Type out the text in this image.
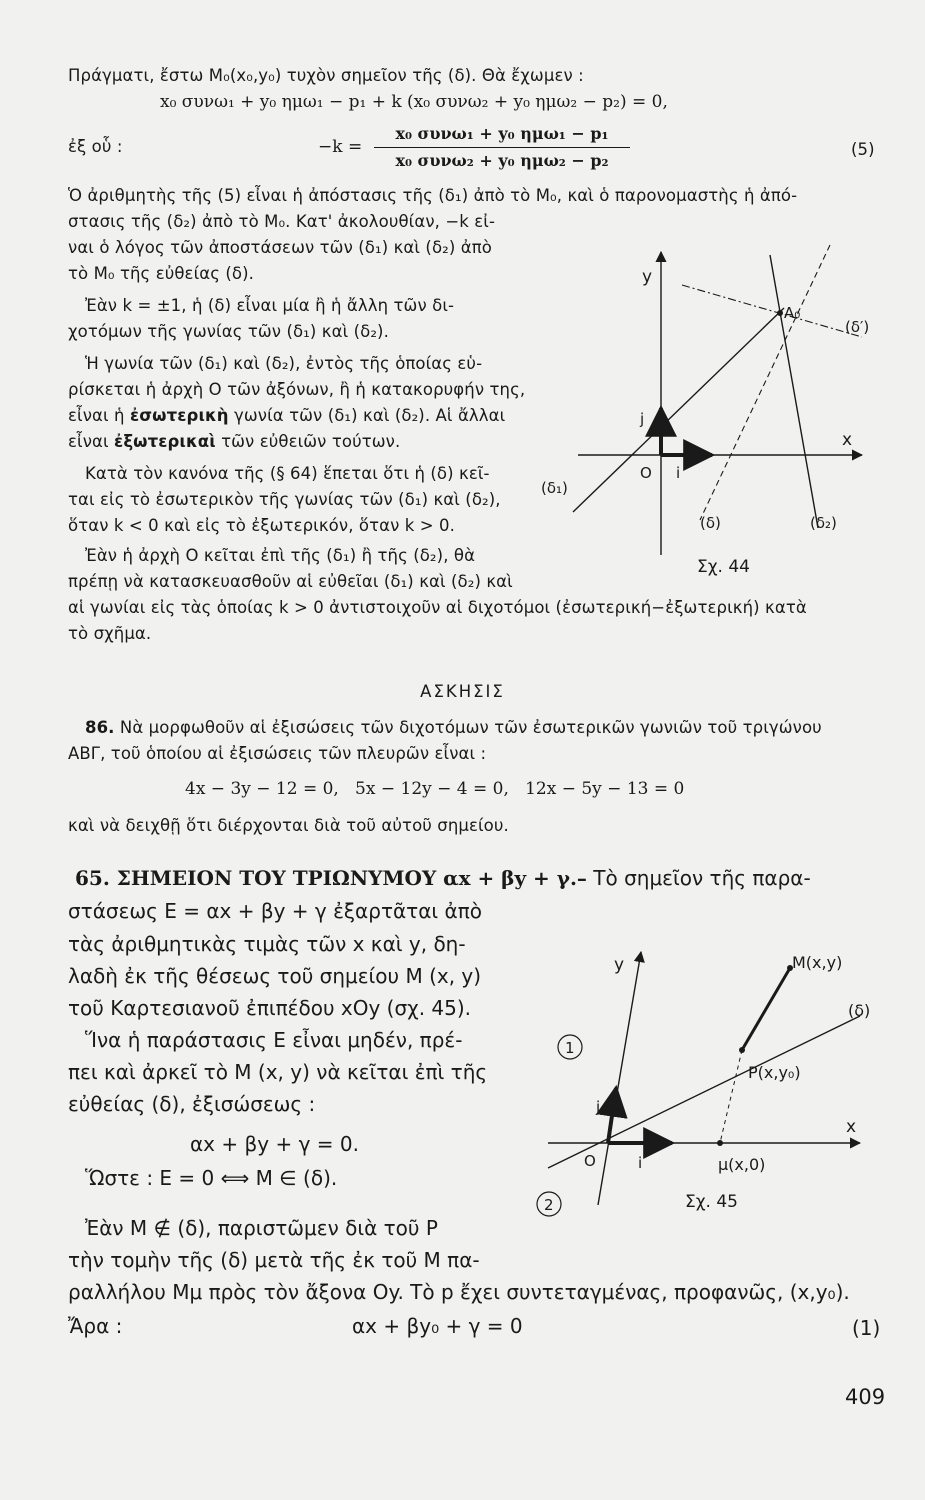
Πράγματι, ἔστω M₀(x₀,y₀) τυχὸν σημεῖον τῆς (δ). Θὰ ἔχωμεν :
x₀ συνω₁ + y₀ ημω₁ − p₁ + k (x₀ συνω₂ + y₀ ημω₂ − p₂) = 0,
ἐξ οὗ :	−k =
x₀ συνω₁ + y₀ ημω₁ − p₁
x₀ συνω₂ + y₀ ημω₂ − p₂
(5)
Ὁ ἀριθμητὴς τῆς (5) εἶναι ἡ ἀπόστασις τῆς (δ₁) ἀπὸ τὸ M₀, καὶ ὁ παρονομαστὴς ἡ ἀπό-
στασις τῆς (δ₂) ἀπὸ τὸ M₀. Κατ' ἀκολουθίαν, −k εἰ-
ναι ὁ λόγος τῶν ἀποστάσεων τῶν (δ₁) καὶ (δ₂) ἀπὸ
τὸ M₀ τῆς εὐθείας (δ).
Ἐὰν k = ±1, ἡ (δ) εἶναι μία ἢ ἡ ἄλλη τῶν δι-
χοτόμων τῆς γωνίας τῶν (δ₁) καὶ (δ₂).
Ἡ γωνία τῶν (δ₁) καὶ (δ₂), ἐντὸς τῆς ὁποίας εὑ-
ρίσκεται ἡ ἀρχὴ O τῶν ἀξόνων, ἢ ἡ κατακορυφήν της,
εἶναι ἡ ἐσωτερικὴ γωνία τῶν (δ₁) καὶ (δ₂). Αἱ ἄλλαι
εἶναι ἐξωτερικαὶ τῶν εὐθειῶν τούτων.
Κατὰ τὸν κανόνα τῆς (§ 64) ἕπεται ὅτι ἡ (δ) κεῖ-
ται εἰς τὸ ἐσωτερικὸν τῆς γωνίας τῶν (δ₁) καὶ (δ₂),
ὅταν k < 0 καὶ εἰς τὸ ἐξωτερικόν, ὅταν k > 0.
Ἐὰν ἡ ἀρχὴ O κεῖται ἐπὶ τῆς (δ₁) ἢ τῆς (δ₂), θὰ
πρέπῃ νὰ κατασκευασθοῦν αἱ εὐθεῖαι (δ₁) καὶ (δ₂) καὶ
αἱ γωνίαι εἰς τὰς ὁποίας k > 0 ἀντιστοιχοῦν αἱ διχοτόμοι (ἐσωτερική−ἐξωτερική) κατὰ
τὸ σχῆμα.
y
x
A₀
(δ′)
j
i
O
(δ₁)
(δ)	(δ₂)
Σχ. 44
ΑΣΚΗΣΙΣ
86. Νὰ μορφωθοῦν αἱ ἐξισώσεις τῶν διχοτόμων τῶν ἐσωτερικῶν γωνιῶν τοῦ τριγώνου
ΑΒΓ, τοῦ ὁποίου αἱ ἐξισώσεις τῶν πλευρῶν εἶναι :
4x − 3y − 12 = 0,   5x − 12y − 4 = 0,   12x − 5y − 13 = 0
καὶ νὰ δειχθῇ ὅτι διέρχονται διὰ τοῦ αὐτοῦ σημείου.
65. ΣΗΜΕΙΟΝ ΤΟΥ ΤΡΙΩΝΥΜΟΥ αx + βy + γ.– Τὸ σημεῖον τῆς παρα-
στάσεως E = αx + βy + γ ἐξαρτᾶται ἀπὸ
τὰς ἀριθμητικὰς τιμὰς τῶν x καὶ y, δη-
λαδὴ ἐκ τῆς θέσεως τοῦ σημείου M (x, y)
τοῦ Καρτεσιανοῦ ἐπιπέδου xOy (σχ. 45).
Ἵνα ἡ παράστασις E εἶναι μηδέν, πρέ-
πει καὶ ἀρκεῖ τὸ M (x, y) νὰ κεῖται ἐπὶ τῆς
εὐθείας (δ), ἐξισώσεως :
αx + βy + γ = 0.
Ὥστε : E = 0 ⟺ M ∈ (δ).
Ἐὰν M ∉ (δ), παριστῶμεν διὰ τοῦ P
τὴν τομὴν τῆς (δ) μετὰ τῆς ἐκ τοῦ M πα-
ραλλήλου Mμ πρὸς τὸν ἄξονα Oy. Τὸ p ἔχει συντεταγμένας, προφανῶς, (x,y₀).
Ἄρα :	αx + βy₀ + γ = 0	(1)
1
2
y
x
M(x,y)
(δ)
P(x,y₀)
μ(x,0)
j
i
O
Σχ. 45
409
